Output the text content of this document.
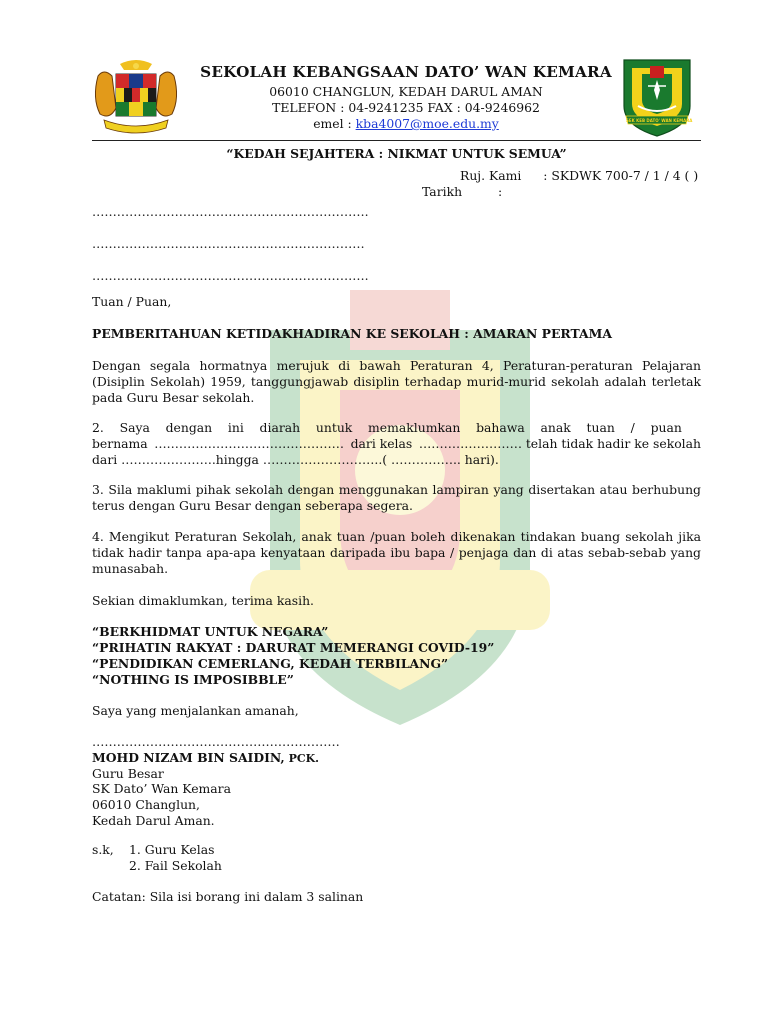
SEK KEB DATO' WAN KEMARA
SEKOLAH KEBANGSAAN DATO’ WAN KEMARA
06010 CHANGLUN, KEDAH DARUL AMAN
TELEFON : 04-9241235 FAX : 04-9246962
emel : kba4007@moe.edu.my
“KEDAH SEJAHTERA : NIKMAT UNTUK SEMUA”
Ruj. Kami : SKDWK 700-7 / 1 / 4 ( )
Tarikh	:
………………………………………………………….
…………………………………………………………
………………………………………………………….
Tuan / Puan,
PEMBERITAHUAN KETIDAKHADIRAN KE SEKOLAH : AMARAN PERTAMA
Dengan segala hormatnya merujuk di bawah Peraturan 4, Peraturan-peraturan Pelajaran (Disiplin Sekolah) 1959, tanggungjawab disiplin terhadap murid-murid sekolah adalah terletak pada Guru Besar sekolah.
2.    Saya    dengan    ini    diarah    untuk    memaklumkan    bahawa    anak    tuan    /    puan
bernama ….…………………………………… dari kelas ……………………. telah tidak hadir ke sekolah
dari …………………..hingga ………………………..( …………….. hari).
3. Sila maklumi pihak sekolah dengan menggunakan lampiran yang disertakan atau berhubung terus dengan Guru Besar dengan seberapa segera.
4. Mengikut Peraturan Sekolah, anak tuan /puan boleh dikenakan tindakan buang sekolah jika tidak hadir tanpa apa-apa kenyataan daripada ibu bapa / penjaga dan di atas sebab-sebab yang munasabah.
Sekian dimaklumkan, terima kasih.
“BERKHIDMAT UNTUK NEGARA”
“PRIHATIN RAKYAT : DARURAT MEMERANGI COVID-19”
“PENDIDIKAN CEMERLANG, KEDAH TERBILANG”
“NOTHING IS IMPOSIBBLE”
Saya yang menjalankan amanah,
……………………………………………………
MOHD NIZAM BIN SAIDIN, PCK.
Guru Besar
SK Dato’ Wan Kemara
06010 Changlun,
Kedah Darul Aman.
s.k, 1. Guru Kelas
2. Fail Sekolah
Catatan: Sila isi borang ini dalam 3 salinan
